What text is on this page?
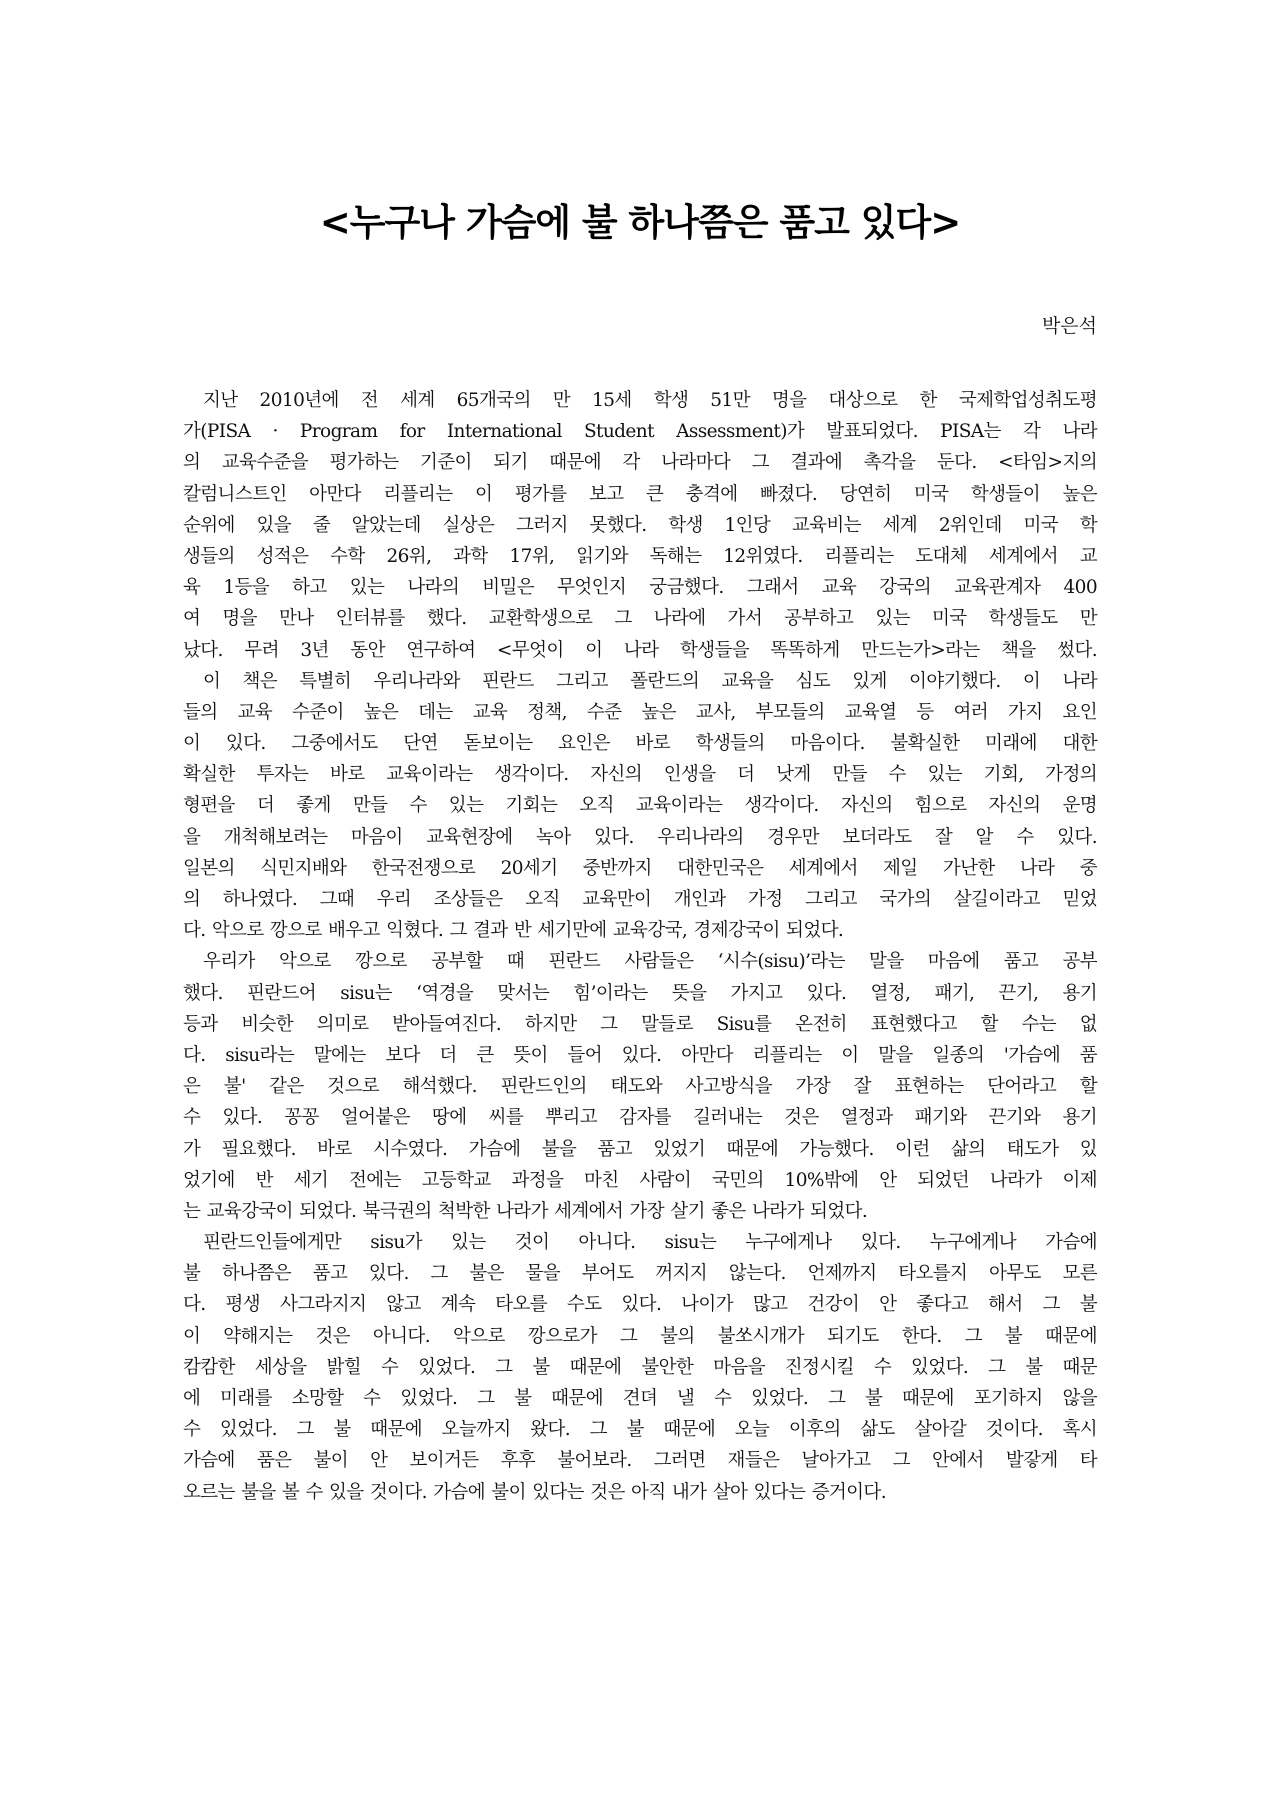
<누구나 가슴에 불 하나쯤은 품고 있다>
박은석
지난 2010년에 전 세계 65개국의 만 15세 학생 51만 명을 대상으로 한 국제학업성취도평
가(PISA · Program for International Student Assessment)가 발표되었다. PISA는 각 나라
의 교육수준을 평가하는 기준이 되기 때문에 각 나라마다 그 결과에 촉각을 둔다. <타임>지의
칼럼니스트인 아만다 리플리는 이 평가를 보고 큰 충격에 빠졌다. 당연히 미국 학생들이 높은
순위에 있을 줄 알았는데 실상은 그러지 못했다. 학생 1인당 교육비는 세계 2위인데 미국 학
생들의 성적은 수학 26위, 과학 17위, 읽기와 독해는 12위였다. 리플리는 도대체 세계에서 교
육 1등을 하고 있는 나라의 비밀은 무엇인지 궁금했다. 그래서 교육 강국의 교육관계자 400
여 명을 만나 인터뷰를 했다. 교환학생으로 그 나라에 가서 공부하고 있는 미국 학생들도 만
났다. 무려 3년 동안 연구하여 <무엇이 이 나라 학생들을 똑똑하게 만드는가>라는 책을 썼다.
이 책은 특별히 우리나라와 핀란드 그리고 폴란드의 교육을 심도 있게 이야기했다. 이 나라
들의 교육 수준이 높은 데는 교육 정책, 수준 높은 교사, 부모들의 교육열 등 여러 가지 요인
이 있다. 그중에서도 단연 돋보이는 요인은 바로 학생들의 마음이다. 불확실한 미래에 대한
확실한 투자는 바로 교육이라는 생각이다. 자신의 인생을 더 낫게 만들 수 있는 기회, 가정의
형편을 더 좋게 만들 수 있는 기회는 오직 교육이라는 생각이다. 자신의 힘으로 자신의 운명
을 개척해보려는 마음이 교육현장에 녹아 있다. 우리나라의 경우만 보더라도 잘 알 수 있다.
일본의 식민지배와 한국전쟁으로 20세기 중반까지 대한민국은 세계에서 제일 가난한 나라 중
의 하나였다. 그때 우리 조상들은 오직 교육만이 개인과 가정 그리고 국가의 살길이라고 믿었
다. 악으로 깡으로 배우고 익혔다. 그 결과 반 세기만에 교육강국, 경제강국이 되었다.
우리가 악으로 깡으로 공부할 때 핀란드 사람들은 ‘시수(sisu)’라는 말을 마음에 품고 공부
했다. 핀란드어 sisu는 ‘역경을 맞서는 힘’이라는 뜻을 가지고 있다. 열정, 패기, 끈기, 용기
등과 비슷한 의미로 받아들여진다. 하지만 그 말들로 Sisu를 온전히 표현했다고 할 수는 없
다. sisu라는 말에는 보다 더 큰 뜻이 들어 있다. 아만다 리플리는 이 말을 일종의 '가슴에 품
은 불' 같은 것으로 해석했다. 핀란드인의 태도와 사고방식을 가장 잘 표현하는 단어라고 할
수 있다. 꽁꽁 얼어붙은 땅에 씨를 뿌리고 감자를 길러내는 것은 열정과 패기와 끈기와 용기
가 필요했다. 바로 시수였다. 가슴에 불을 품고 있었기 때문에 가능했다. 이런 삶의 태도가 있
었기에 반 세기 전에는 고등학교 과정을 마친 사람이 국민의 10%밖에 안 되었던 나라가 이제
는 교육강국이 되었다. 북극권의 척박한 나라가 세계에서 가장 살기 좋은 나라가 되었다.
핀란드인들에게만 sisu가 있는 것이 아니다. sisu는 누구에게나 있다. 누구에게나 가슴에
불 하나쯤은 품고 있다. 그 불은 물을 부어도 꺼지지 않는다. 언제까지 타오를지 아무도 모른
다. 평생 사그라지지 않고 계속 타오를 수도 있다. 나이가 많고 건강이 안 좋다고 해서 그 불
이 약해지는 것은 아니다. 악으로 깡으로가 그 불의 불쏘시개가 되기도 한다. 그 불 때문에
캄캄한 세상을 밝힐 수 있었다. 그 불 때문에 불안한 마음을 진정시킬 수 있었다. 그 불 때문
에 미래를 소망할 수 있었다. 그 불 때문에 견뎌 낼 수 있었다. 그 불 때문에 포기하지 않을
수 있었다. 그 불 때문에 오늘까지 왔다. 그 불 때문에 오늘 이후의 삶도 살아갈 것이다. 혹시
가슴에 품은 불이 안 보이거든 후후 불어보라. 그러면 재들은 날아가고 그 안에서 발갛게 타
오르는 불을 볼 수 있을 것이다. 가슴에 불이 있다는 것은 아직 내가 살아 있다는 증거이다.
